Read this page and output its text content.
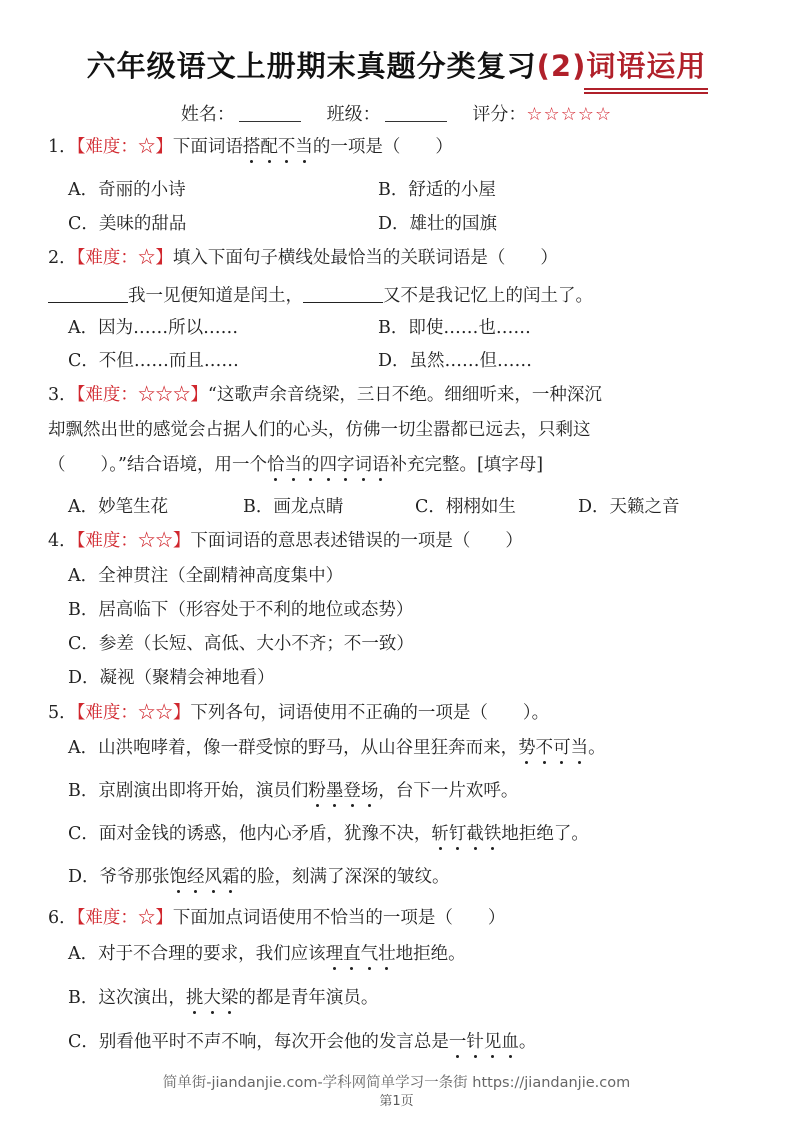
六年级语文上册期末真题分类复习(2)词语运用
姓名：	班级：	评分：☆☆☆☆☆
1．【难度：☆】下面词语搭配不当的一项是（　　）
A．奇丽的小诗	B．舒适的小屋
C．美味的甜品	D．雄壮的国旗
2．【难度：☆】填入下面句子横线处最恰当的关联词语是（　　）
我一见便知道是闰土，	又不是我记忆上的闰土了。
A．因为……所以……	B．即使……也……
C．不但……而且……	D．虽然……但……
3．【难度：☆☆☆】“这歌声余音绕梁，三日不绝。细细听来，一种深沉
却飘然出世的感觉会占据人们的心头，仿佛一切尘嚣都已远去，只剩这
（　　）。”结合语境，用一个恰当的四字词语补充完整。[填字母]
A．妙笔生花	B．画龙点睛	C．栩栩如生	D．天籁之音
4．【难度：☆☆】下面词语的意思表述错误的一项是（　　）
A．全神贯注（全副精神高度集中）
B．居高临下（形容处于不利的地位或态势）
C．参差（长短、高低、大小不齐；不一致）
D．凝视（聚精会神地看）
5．【难度：☆☆】下列各句，词语使用不正确的一项是（　　）。
A．山洪咆哮着，像一群受惊的野马，从山谷里狂奔而来，势不可当。
B．京剧演出即将开始，演员们粉墨登场，台下一片欢呼。
C．面对金钱的诱惑，他内心矛盾，犹豫不决，斩钉截铁地拒绝了。
D．爷爷那张饱经风霜的脸，刻满了深深的皱纹。
6．【难度：☆】下面加点词语使用不恰当的一项是（　　）
A．对于不合理的要求，我们应该理直气壮地拒绝。
B．这次演出，挑大梁的都是青年演员。
C．别看他平时不声不响，每次开会他的发言总是一针见血。
简单街-jiandanjie.com-学科网简单学习一条街 https://jiandanjie.com
第1页
